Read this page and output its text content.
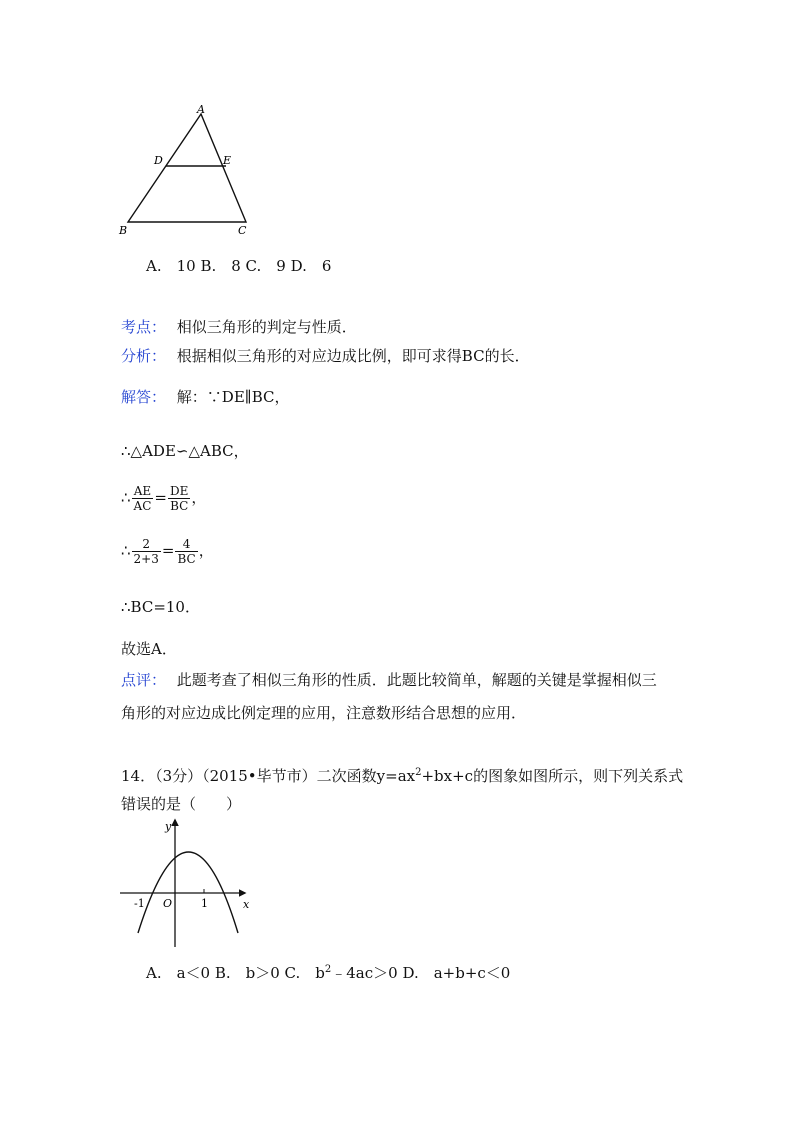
A
D	E
B	C
A.　10 B.　8 C.　9 D.　6
考点： 相似三角形的判定与性质．
分析： 根据相似三角形的对应边成比例，即可求得BC的长．
解答： 解：∵DE∥BC，
∴△ADE∽△ABC，
∴ $\frac{AE}{AC} = \frac{DE}{BC}$ ，
∴ $\frac{2}{2+3} = \frac{4}{BC}$ ，
∴BC=10．
故选A．
点评： 此题考查了相似三角形的性质．此题比较简单，解题的关键是掌握相似三
角形的对应边成比例定理的应用，注意数形结合思想的应用．
14．（3分）（2015•毕节市）二次函数$y=ax^2+bx+c$的图象如图所示，则下列关系式
错误的是（　　）
y
x
O
-1	1
A.　a＜0 B.　b＞0 C.　$b^2﹣4ac>0$ D.　a+b+c＜0
